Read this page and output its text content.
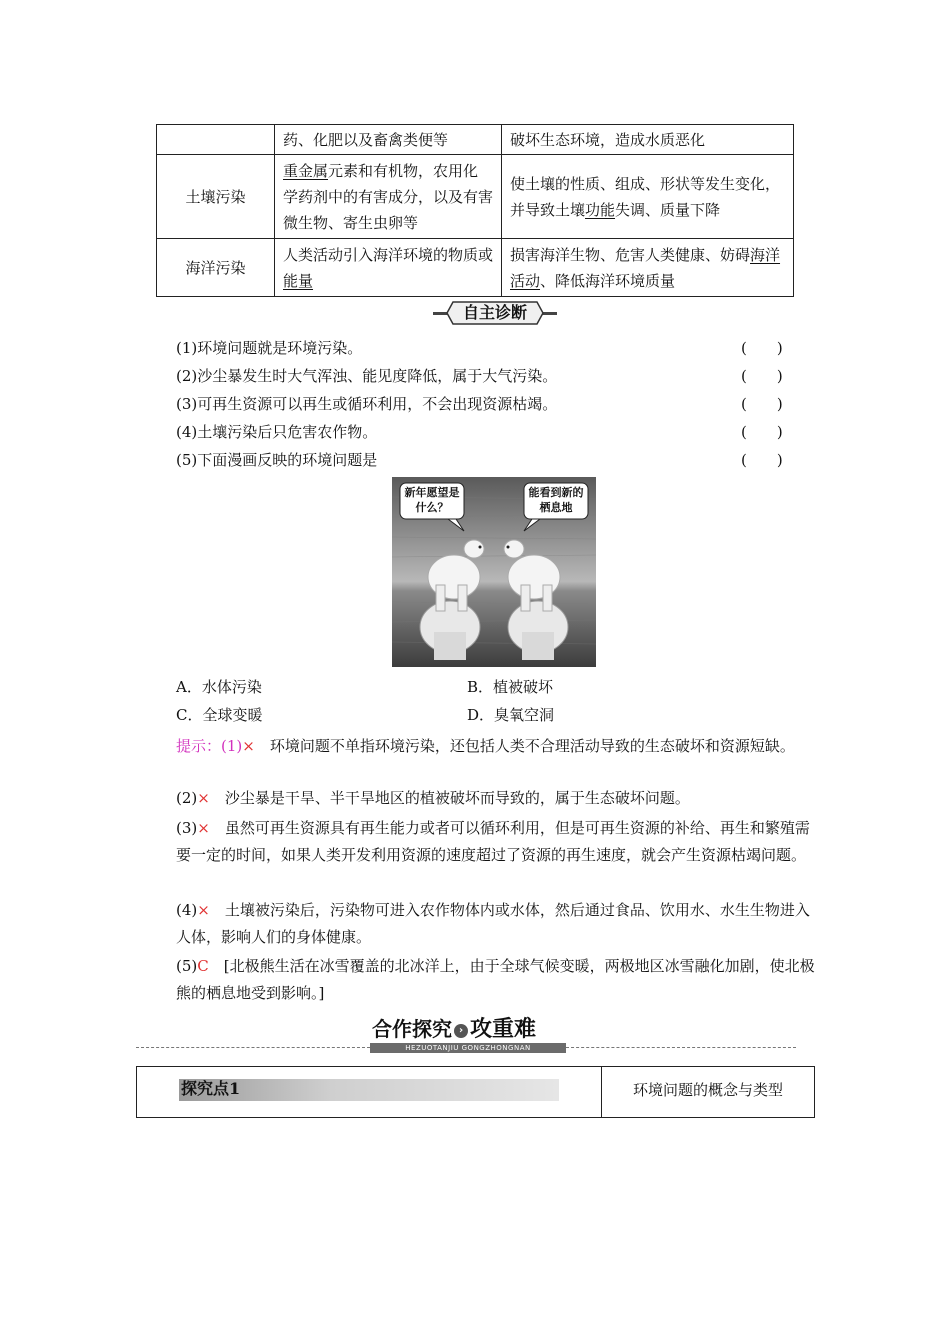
	药、化肥以及畜禽类便等	破坏生态环境，造成水质恶化
土壤污染	重金属元素和有机物，农用化学药剂中的有害成分，以及有害微生物、寄生虫卵等	使土壤的性质、组成、形状等发生变化，并导致土壤功能失调、质量下降
海洋污染	人类活动引入海洋环境的物质或能量	损害海洋生物、危害人类健康、妨碍海洋活动、降低海洋环境质量
自主诊断
(1)环境问题就是环境污染。	(　　)
(2)沙尘暴发生时大气浑浊、能见度降低，属于大气污染。	(　　)
(3)可再生资源可以再生或循环利用，不会出现资源枯竭。	(　　)
(4)土壤污染后只危害农作物。	(　　)
(5)下面漫画反映的环境问题是	(　　)
新年愿望是什么？
能看到新的栖息地
A．水体污染	B．植被破坏
C．全球变暖	D．臭氧空洞
提示：(1)×　环境问题不单指环境污染，还包括人类不合理活动导致的生态破坏和资源短缺。
(2)×　沙尘暴是干旱、半干旱地区的植被破坏而导致的，属于生态破坏问题。
(3)×　虽然可再生资源具有再生能力或者可以循环利用，但是可再生资源的补给、再生和繁殖需要一定的时间，如果人类开发利用资源的速度超过了资源的再生速度，就会产生资源枯竭问题。
(4)×　土壤被污染后，污染物可进入农作物体内或水体，然后通过食品、饮用水、水生生物进入人体，影响人们的身体健康。
(5)C　[北极熊生活在冰雪覆盖的北冰洋上，由于全球气候变暖，两极地区冰雪融化加剧，使北极熊的栖息地受到影响。]
合作探究 › 攻重难
HEZUOTANJIU GONGZHONGNAN
探究点1	环境问题的概念与类型
